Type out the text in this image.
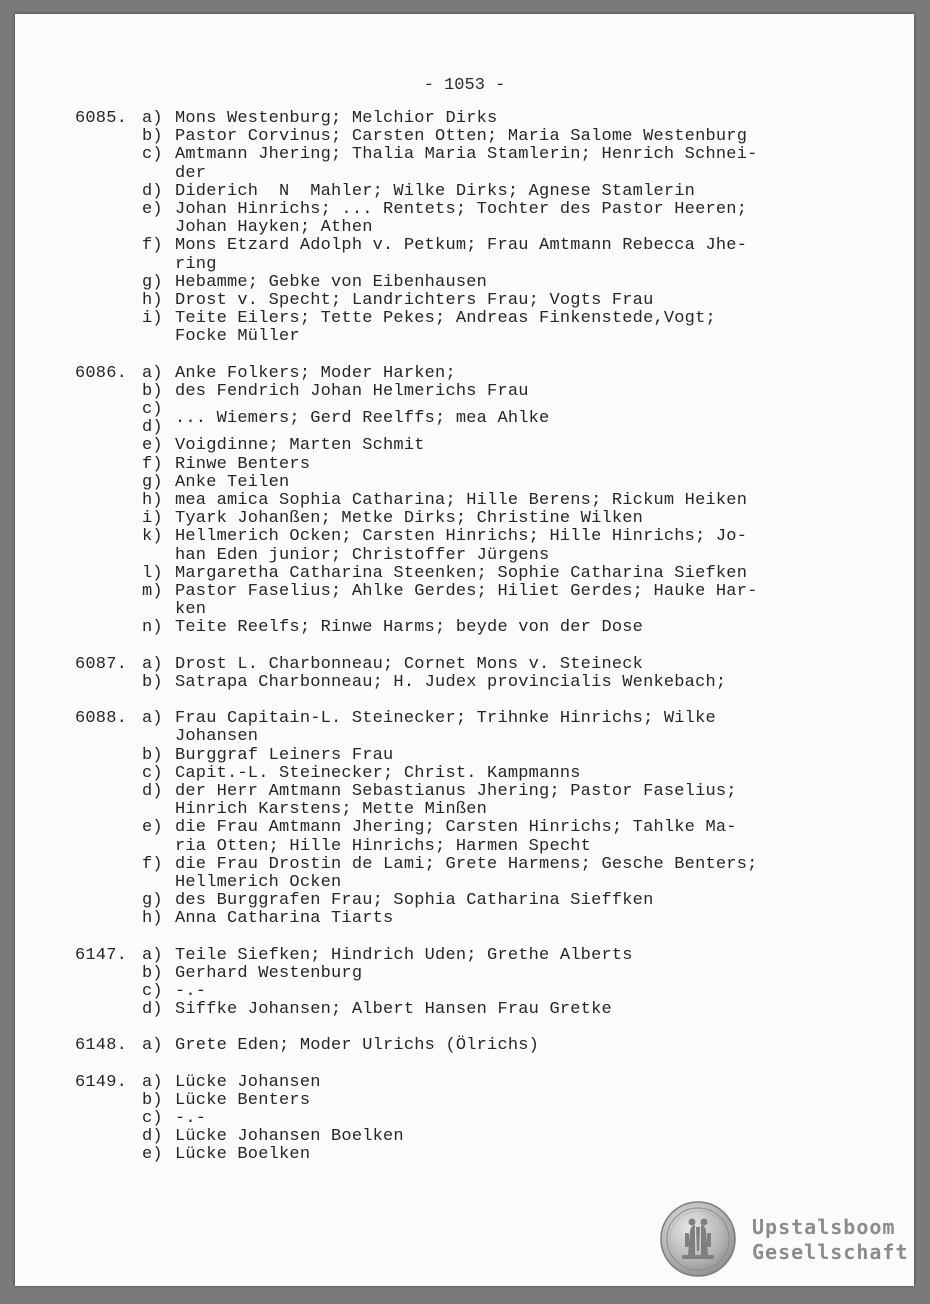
- 1053 -
6085. a) Mons Westenburg; Melchior Dirks
b) Pastor Corvinus; Carsten Otten; Maria Salome Westenburg
c) Amtmann Jhering; Thalia Maria Stamlerin; Henrich Schnei-
der
d) Diderich  N  Mahler; Wilke Dirks; Agnese Stamlerin
e) Johan Hinrichs; ... Rentets; Tochter des Pastor Heeren;
Johan Hayken; Athen
f) Mons Etzard Adolph v. Petkum; Frau Amtmann Rebecca Jhe-
ring
g) Hebamme; Gebke von Eibenhausen
h) Drost v. Specht; Landrichters Frau; Vogts Frau
i) Teite Eilers; Tette Pekes; Andreas Finkenstede,Vogt;
Focke Müller
6086. a) Anke Folkers; Moder Harken;
b) des Fendrich Johan Helmerichs Frau
c)
d) ... Wiemers; Gerd Reelffs; mea Ahlke
e) Voigdinne; Marten Schmit
f) Rinwe Benters
g) Anke Teilen
h) mea amica Sophia Catharina; Hille Berens; Rickum Heiken
i) Tyark Johanßen; Metke Dirks; Christine Wilken
k) Hellmerich Ocken; Carsten Hinrichs; Hille Hinrichs; Jo-
han Eden junior; Christoffer Jürgens
l) Margaretha Catharina Steenken; Sophie Catharina Siefken
m) Pastor Faselius; Ahlke Gerdes; Hiliet Gerdes; Hauke Har-
ken
n) Teite Reelfs; Rinwe Harms; beyde von der Dose
6087. a) Drost L. Charbonneau; Cornet Mons v. Steineck
b) Satrapa Charbonneau; H. Judex provincialis Wenkebach;
6088. a) Frau Capitain-L. Steinecker; Trihnke Hinrichs; Wilke
Johansen
b) Burggraf Leiners Frau
c) Capit.-L. Steinecker; Christ. Kampmanns
d) der Herr Amtmann Sebastianus Jhering; Pastor Faselius;
Hinrich Karstens; Mette Minßen
e) die Frau Amtmann Jhering; Carsten Hinrichs; Tahlke Ma-
ria Otten; Hille Hinrichs; Harmen Specht
f) die Frau Drostin de Lami; Grete Harmens; Gesche Benters;
Hellmerich Ocken
g) des Burggrafen Frau; Sophia Catharina Sieffken
h) Anna Catharina Tiarts
6147. a) Teile Siefken; Hindrich Uden; Grethe Alberts
b) Gerhard Westenburg
c) -.-
d) Siffke Johansen; Albert Hansen Frau Gretke
6148. a) Grete Eden; Moder Ulrichs (Ölrichs)
6149. a) Lücke Johansen
b) Lücke Benters
c) -.-
d) Lücke Johansen Boelken
e) Lücke Boelken
Upstalsboom
Gesellschaft
